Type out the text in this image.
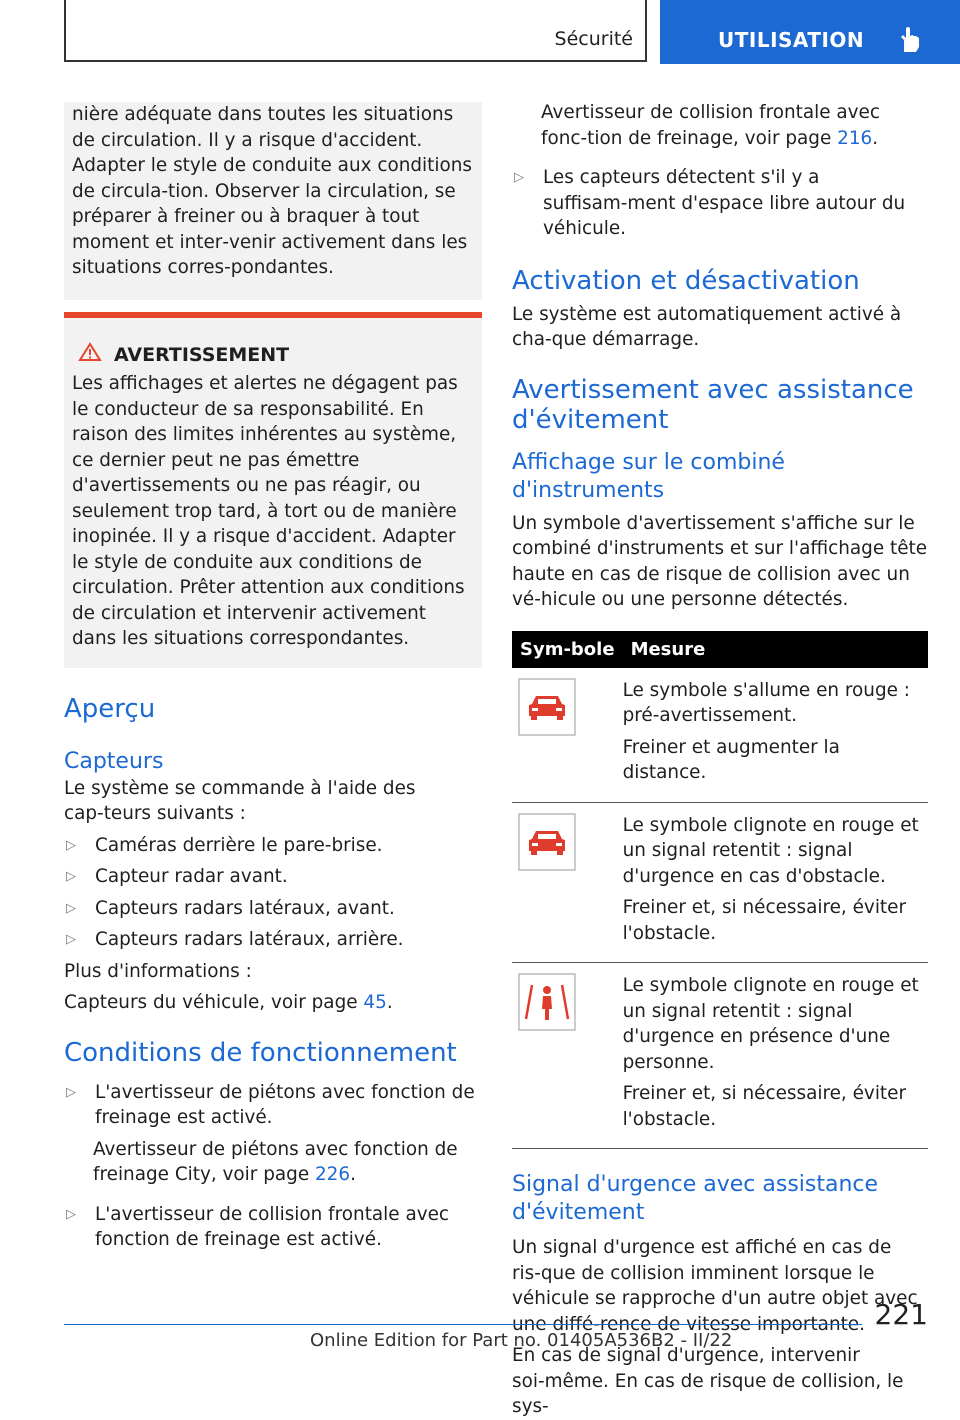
Sécurité	UTILISATION

nière adéquate dans toutes les situations de circulation. Il y a risque d'accident. Adapter le style de conduite aux conditions de circula‑tion. Observer la circulation, se préparer à freiner ou à braquer à tout moment et inter‑venir activement dans les situations corres‑pondantes.

AVERTISSEMENT

Les affichages et alertes ne dégagent pas le conducteur de sa responsabilité. En raison des limites inhérentes au système, ce dernier peut ne pas émettre d'avertissements ou ne pas réagir, ou seulement trop tard, à tort ou de manière inopinée. Il y a risque d'accident. Adapter le style de conduite aux conditions de circulation. Prêter attention aux conditions de circulation et intervenir activement dans les situations correspondantes.

Aperçu
Capteurs

Le système se commande à l'aide des cap‑teurs suivants :

▷	Caméras derrière le pare-brise.
▷	Capteur radar avant.
▷	Capteurs radars latéraux, avant.
▷	Capteurs radars latéraux, arrière.

Plus d'informations :

Capteurs du véhicule, voir page 45.

Conditions de fonctionnement
▷	L'avertisseur de piétons avec fonction de freinage est activé.

Avertisseur de piétons avec fonction de freinage City, voir page 226.

▷	L'avertisseur de collision frontale avec fonction de freinage est activé.

Avertisseur de collision frontale avec fonc‑tion de freinage, voir page 216.

▷	Les capteurs détectent s'il y a suffisam‑ment d'espace libre autour du véhicule.
Activation et désactivation

Le système est automatiquement activé à cha‑que démarrage.

Avertissement avec assistance d'évitement
Affichage sur le combiné d'instruments

Un symbole d'avertissement s'affiche sur le combiné d'instruments et sur l'affichage tête haute en cas de risque de collision avec un vé‑hicule ou une personne détectés.

Sym‑bole	Mesure

Le symbole s'allume en rouge : pré‑avertissement.

Freiner et augmenter la distance.

Le symbole clignote en rouge et un signal retentit : signal d'urgence en cas d'obstacle.

Freiner et, si nécessaire, éviter l'obstacle.

Le symbole clignote en rouge et un signal retentit : signal d'urgence en présence d'une personne.

Freiner et, si nécessaire, éviter l'obstacle.

Signal d'urgence avec assistance d'évitement

Un signal d'urgence est affiché en cas de ris‑que de collision imminent lorsque le véhicule se rapproche d'un autre objet avec une diffé‑rence de vitesse importante.

En cas de signal d'urgence, intervenir soi‑même. En cas de risque de collision, le sys‑

221
Online Edition for Part no. 01405A536B2 - II/22
